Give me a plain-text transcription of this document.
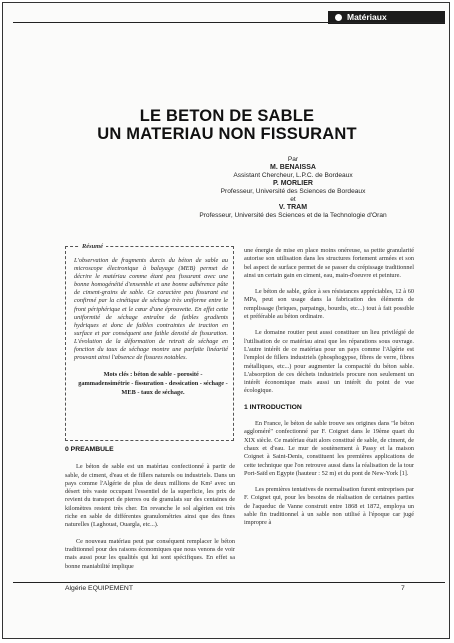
Matériaux
LE BETON DE SABLE
UN MATERIAU NON FISSURANT
Par
M. BENAISSA
Assistant Chercheur, L.P.C. de Bordeaux
P. MORLIER
Professeur, Université des Sciences de Bordeaux
et
V. TRAM
Professeur, Université des Sciences et de la Technologie d'Oran
Résumé
L'observation de fragments durcis du béton de sable au microscope électronique à balayage (MEB) permet de décrire le matériau comme étant peu fissurant avec une bonne homogénéité d'ensemble et une bonne adhérence pâte de ciment-grains de sable. Ce caractère peu fissurant est confirmé par la cinétique de séchage très uniforme entre le front périphérique et le cœur d'une éprouvette. En effet cette uniformité de séchage entraîne de faibles gradients hydriques et donc de faibles contraintes de traction en surface et par conséquent une faible densité de fissuration. L'évolution de la déformation de retrait de séchage en fonction du taux de séchage montre une parfaite linéarité prouvant ainsi l'absence de fissures notables.
Mots clés : béton de sable - porosité - gammadensimétrie - fissuration - dessication - séchage - MEB - taux de séchage.
0 PREAMBULE

Le béton de sable est un matériau confectionné à partir de sable, de ciment, d'eau et de fillers naturels ou industriels. Dans un pays comme l'Algérie de plus de deux millions de Km² avec un désert très vaste occupant l'essentiel de la superficie, les prix de revient du transport de pierres ou de granulats sur des centaines de kilomètres restent très cher. En revanche le sol algérien est très riche en sable de différentes granulométries ainsi que des fines naturelles (Laghouat, Ouargla, etc...).

Ce nouveau matériau peut par conséquent remplacer le béton traditionnel pour des raisons économiques que nous venons de voir mais aussi pour les qualités qui lui sont spécifiques. En effet sa bonne maniabilité implique

une énergie de mise en place moins onéreuse, sa petite granularité autorise son utilisation dans les structures fortement armées et son bel aspect de surface permet de se passer du crépissage traditionnel ainsi un certain gain en ciment, eau, main-d'oeuvre et peinture.

Le béton de sable, grâce à ses résistances appréciables, 12 à 60 MPa, peut son usage dans la fabrication des éléments de remplissage (briques, parpaings, bourdis, etc...) tout à fait possible et préférable au béton ordinaire.

Le domaine routier peut aussi constituer un lieu privilégié de l'utilisation de ce matériau ainsi que les réparations sous ouvrage. L'autre intérêt de ce matériau pour un pays comme l'Algérie est l'emploi de fillers industriels (phosphogypse, fibres de verre, fibres métalliques, etc...) pour augmenter la compacité du béton sable. L'absorption de ces déchets industriels procure non seulement un intérêt économique mais aussi un intérêt du point de vue écologique.

1 INTRODUCTION

En France, le béton de sable trouve ses origines dans "le béton aggloméré" confectionné par F. Coignet dans le 19ème quart du XIX siècle. Ce matériau était alors constitué de sable, de ciment, de chaux et d'eau. Le mur de soutènement à Passy et la maison Coignet à Saint-Denis, constituent les premières applications de cette technique que l'on retrouve aussi dans la réalisation de la tour Port-Saïd en Egypte (hauteur : 52 m) et du pont de New-York [1].

Les premières tentatives de normalisation furent entreprises par F. Coignet qui, pour les besoins de réalisation de certaines parties de l'aqueduc de Vanne construit entre 1868 et 1872, employa un sable fin traditionnel à un sable non utilisé à l'époque car jugé impropre à

Algérie EQUIPEMENT	7
